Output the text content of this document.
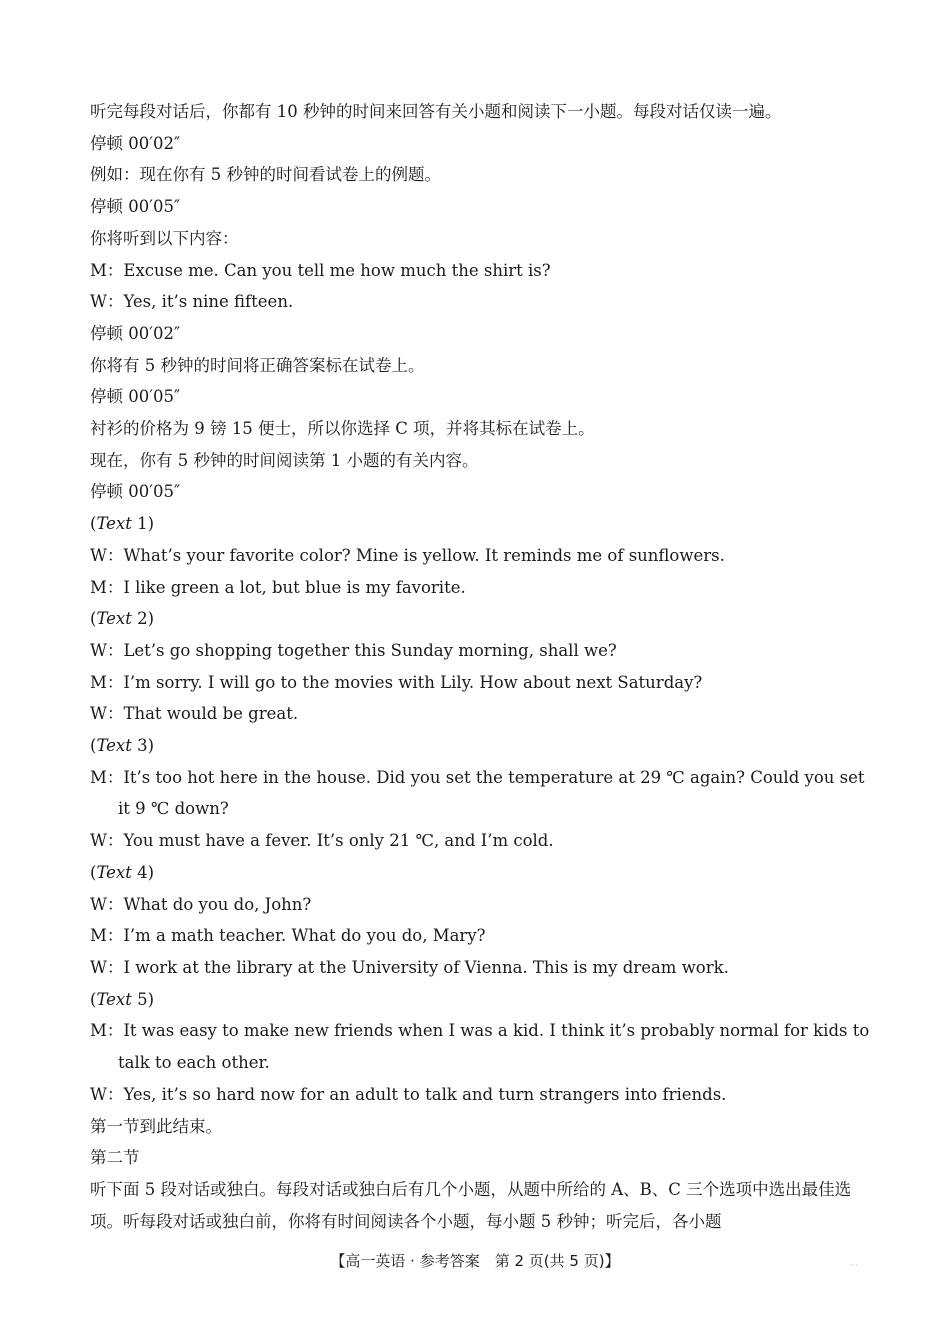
听完每段对话后，你都有 10 秒钟的时间来回答有关小题和阅读下一小题。每段对话仅读一遍。
停顿 00′02″
例如：现在你有 5 秒钟的时间看试卷上的例题。
停顿 00′05″
你将听到以下内容：
M：Excuse me. Can you tell me how much the shirt is?
W：Yes, it’s nine fifteen.
停顿 00′02″
你将有 5 秒钟的时间将正确答案标在试卷上。
停顿 00′05″
衬衫的价格为 9 镑 15 便士，所以你选择 C 项，并将其标在试卷上。
现在，你有 5 秒钟的时间阅读第 1 小题的有关内容。
停顿 00′05″
(Text 1)
W：What’s your favorite color? Mine is yellow. It reminds me of sunflowers.
M：I like green a lot, but blue is my favorite.
(Text 2)
W：Let’s go shopping together this Sunday morning, shall we?
M：I’m sorry. I will go to the movies with Lily. How about next Saturday?
W：That would be great.
(Text 3)
M：It’s too hot here in the house. Did you set the temperature at 29 ℃ again? Could you set it 9 ℃ down?
W：You must have a fever. It’s only 21 ℃, and I’m cold.
(Text 4)
W：What do you do, John?
M：I’m a math teacher. What do you do, Mary?
W：I work at the library at the University of Vienna. This is my dream work.
(Text 5)
M：It was easy to make new friends when I was a kid. I think it’s probably normal for kids to talk to each other.
W：Yes, it’s so hard now for an adult to talk and turn strangers into friends.
第一节到此结束。
第二节
听下面 5 段对话或独白。每段对话或独白后有几个小题，从题中所给的 A、B、C 三个选项中选出最佳选项。听每段对话或独白前，你将有时间阅读各个小题，每小题 5 秒钟；听完后，各小题
【高一英语 · 参考答案　第 2 页(共 5 页)】	…
